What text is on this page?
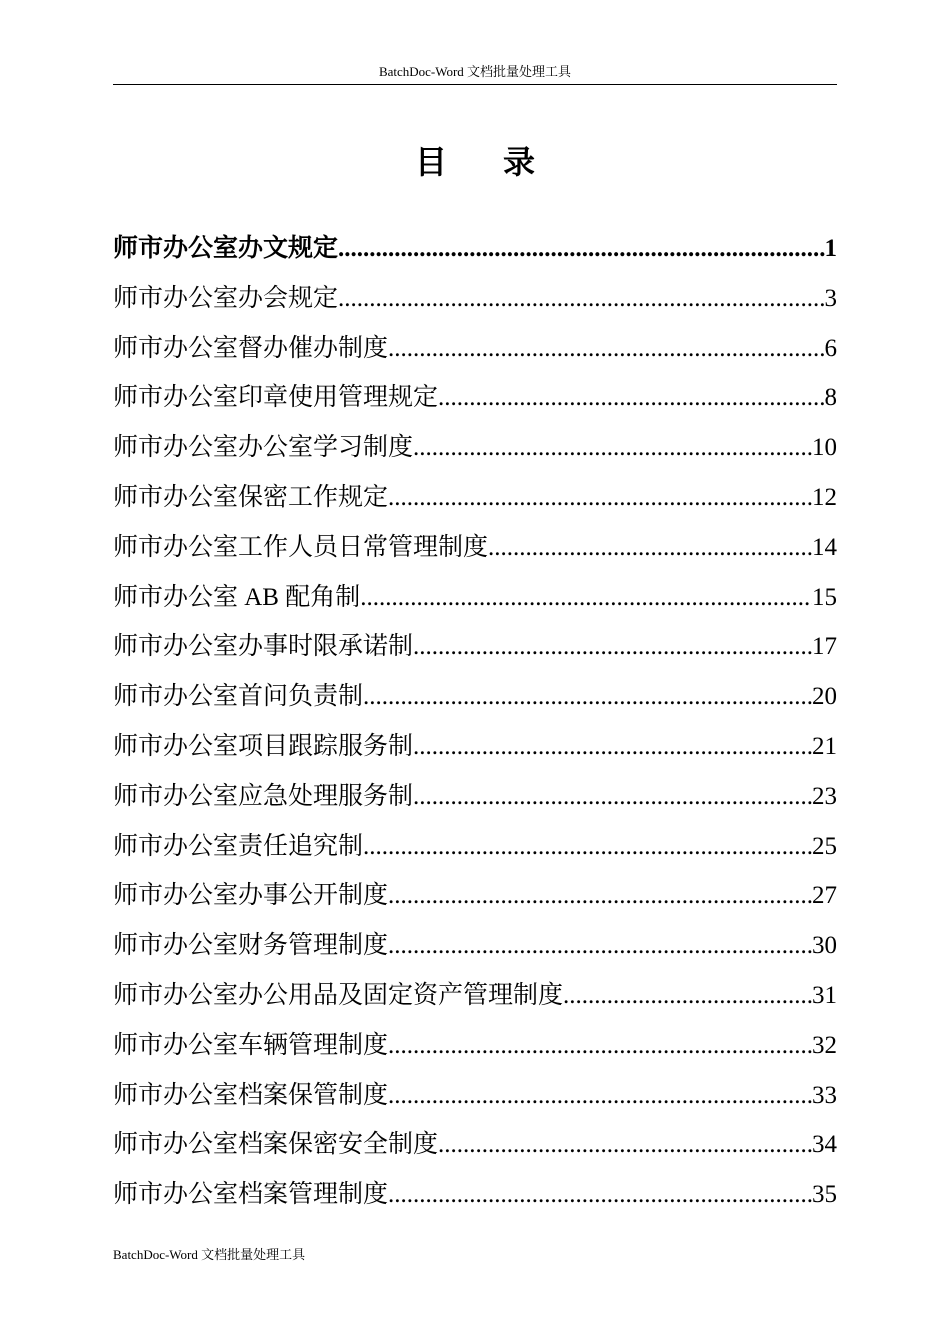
BatchDoc-Word 文档批量处理工具
目录
师市办公室办文规定 .....	1
师市办公室办会规定 .....	3
师市办公室督办催办制度 .....	6
师市办公室印章使用管理规定 .....	8
师市办公室办公室学习制度 .....	10
师市办公室保密工作规定 .....	12
师市办公室工作人员日常管理制度 .....	14
师市办公室 AB 配角制 .....	15
师市办公室办事时限承诺制 .....	17
师市办公室首问负责制 .....	20
师市办公室项目跟踪服务制 .....	21
师市办公室应急处理服务制 .....	23
师市办公室责任追究制 .....	25
师市办公室办事公开制度 .....	27
师市办公室财务管理制度 .....	30
师市办公室办公用品及固定资产管理制度 .....	31
师市办公室车辆管理制度 .....	32
师市办公室档案保管制度 .....	33
师市办公室档案保密安全制度 .....	34
师市办公室档案管理制度 .....	35
BatchDoc-Word 文档批量处理工具
